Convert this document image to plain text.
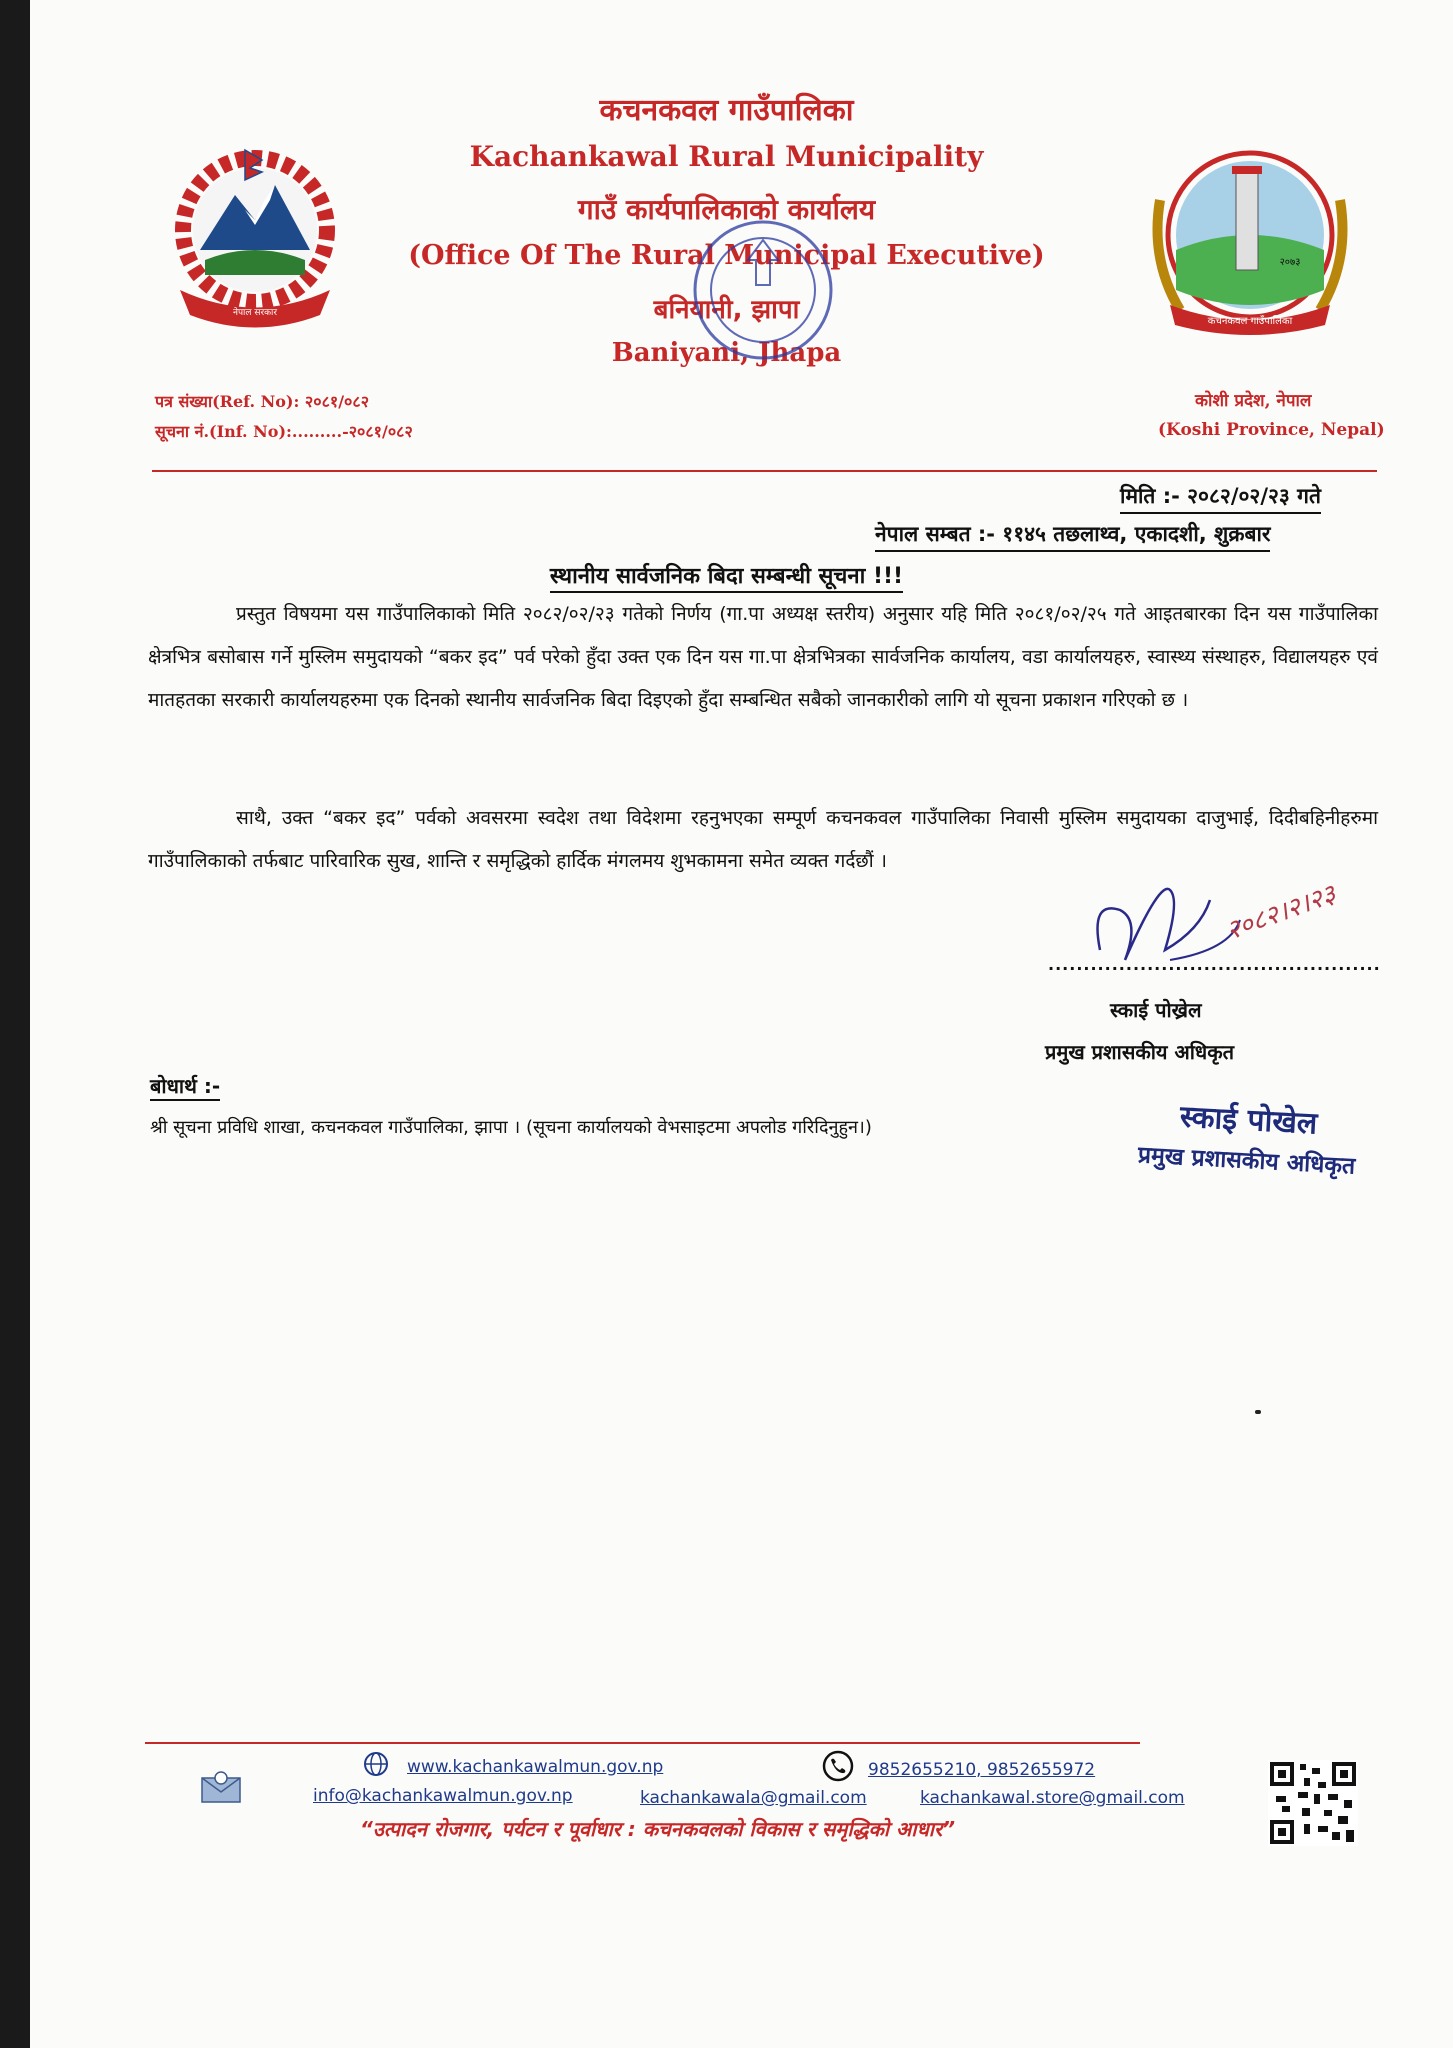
नेपाल सरकार
२०७३
कचनकवल गाउँपालिका
कचनकवल गाउँपालिका
Kachankawal Rural Municipality
गाउँ कार्यपालिकाको कार्यालय
(Office Of The Rural Municipal Executive)
बनियानी, झापा
Baniyani, Jhapa
पत्र संख्या(Ref. No): २०८१/०८२
सूचना नं.(Inf. No):.........-२०८१/०८२
कोशी प्रदेश, नेपाल
(Koshi Province, Nepal)
मिति :- २०८२/०२/२३ गते
नेपाल सम्बत :- ११४५ तछलाथ्व, एकादशी, शुक्रबार
स्थानीय सार्वजनिक बिदा सम्बन्धी सूचना !!!
प्रस्तुत विषयमा यस गाउँपालिकाको मिति २०८२/०२/२३ गतेको निर्णय (गा.पा अध्यक्ष स्तरीय) अनुसार यहि मिति २०८१/०२/२५ गते आइतबारका दिन यस गाउँपालिका क्षेत्रभित्र बसोबास गर्ने मुस्लिम समुदायको “बकर इद” पर्व परेको हुँदा उक्त एक दिन यस गा.पा क्षेत्रभित्रका सार्वजनिक कार्यालय, वडा कार्यालयहरु, स्वास्थ्य संस्थाहरु, विद्यालयहरु एवं मातहतका सरकारी कार्यालयहरुमा एक दिनको स्थानीय सार्वजनिक बिदा दिइएको हुँदा सम्बन्धित सबैको जानकारीको लागि यो सूचना प्रकाशन गरिएको छ ।
साथै, उक्त “बकर इद” पर्वको अवसरमा स्वदेश तथा विदेशमा रहनुभएका सम्पूर्ण कचनकवल गाउँपालिका निवासी मुस्लिम समुदायका दाजुभाई, दिदीबहिनीहरुमा गाउँपालिकाको तर्फबाट पारिवारिक सुख, शान्ति र समृद्धिको हार्दिक मंगलमय शुभकामना समेत व्यक्त गर्दछौं ।
२०८२।२।२३
...............................................
स्काई पोख्रेल
प्रमुख प्रशासकीय अधिकृत
बोधार्थ :-
श्री सूचना प्रविधि शाखा, कचनकवल गाउँपालिका, झापा । (सूचना कार्यालयको वेभसाइटमा अपलोड गरिदिनुहुन।)	स्काई पोखेल
प्रमुख प्रशासकीय अधिकृत
www.kachankawalmun.gov.np	9852655210, 9852655972
info@kachankawalmun.gov.np	kachankawala@gmail.com	kachankawal.store@gmail.com
“उत्पादन रोजगार, पर्यटन र पूर्वाधार : कचनकवलको विकास र समृद्धिको आधार”
